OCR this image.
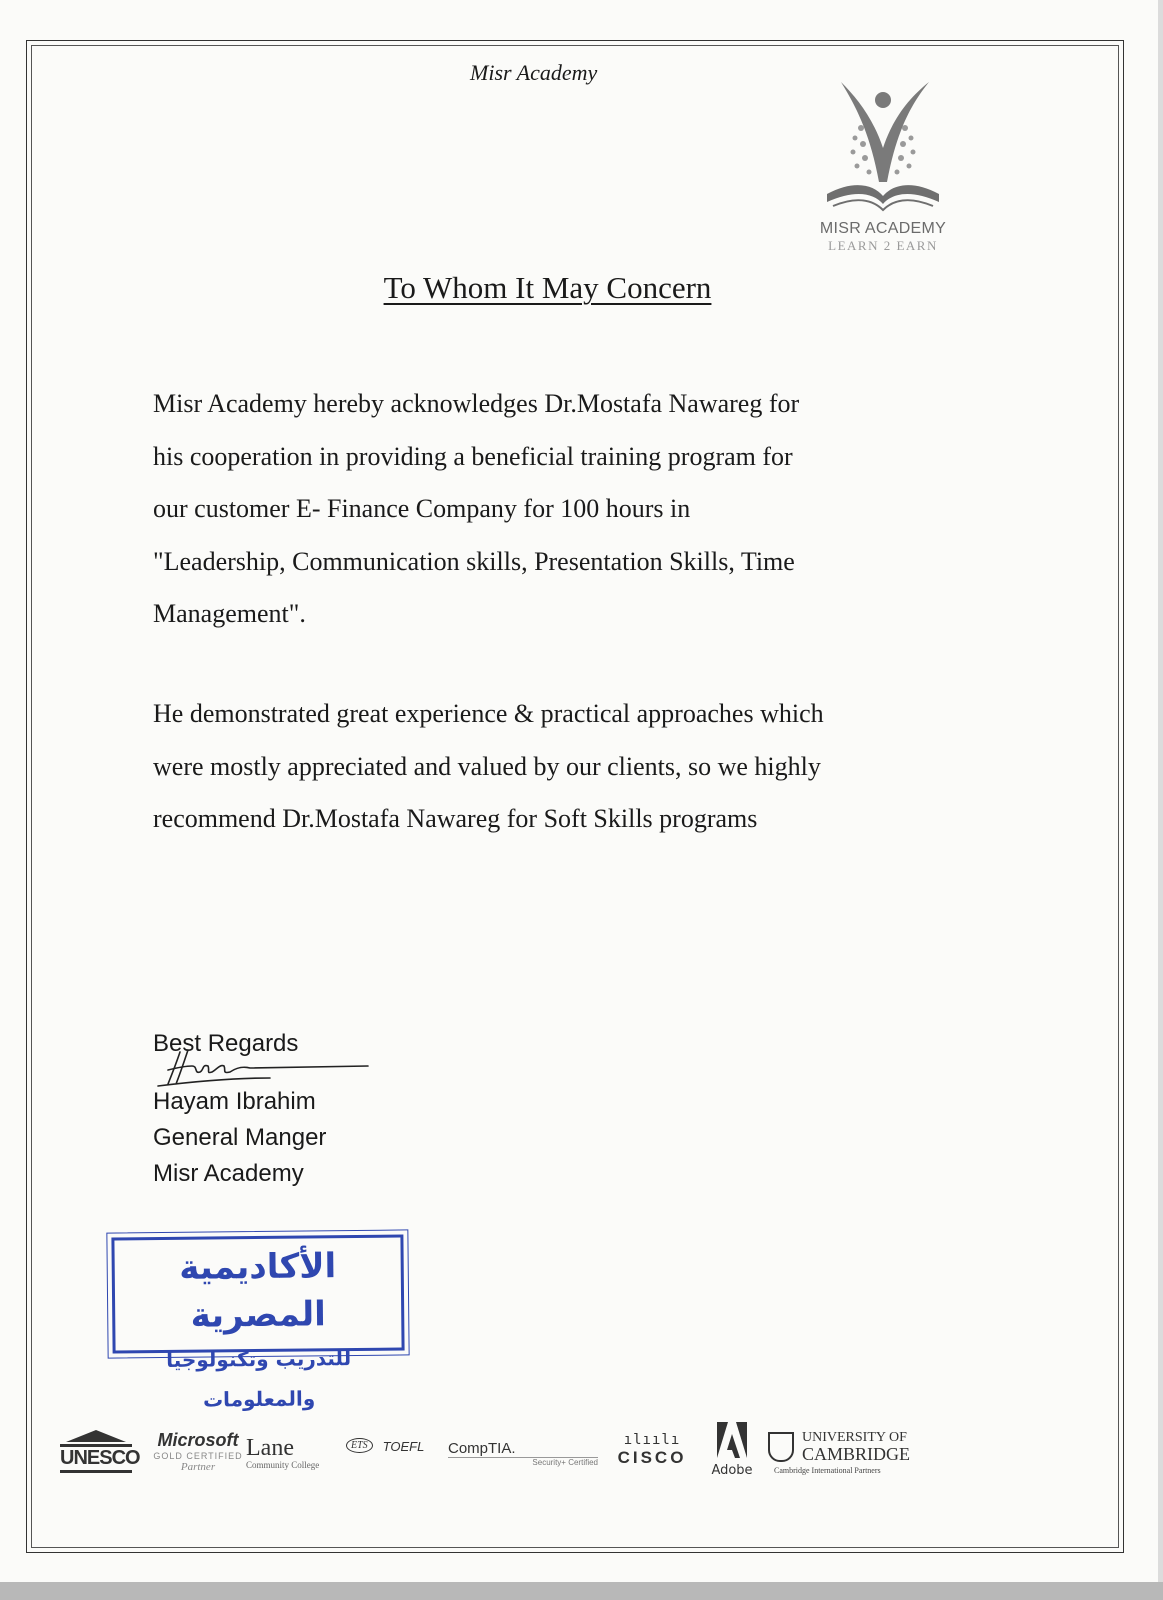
Misr Academy
MISR ACADEMY
LEARN 2 EARN
To Whom It May Concern
Misr Academy hereby acknowledges Dr.Mostafa Nawareg for
his cooperation in providing a beneficial training program for
our customer E- Finance Company for 100 hours in
"Leadership, Communication skills, Presentation Skills, Time
Management".
He demonstrated great experience & practical approaches which
were mostly appreciated and valued by our clients, so we highly
recommend Dr.Mostafa Nawareg for Soft Skills programs
Best Regards
Hayam Ibrahim
General Manger
Misr Academy
الأكاديمية المصرية
للتدريب وتكنولوجيا والمعلومات
UNESCO
Microsoft
GOLD CERTIFIED
Partner
Lane
Community College
ETS TOEFL CompTIA.
Security+ Certified
ılıılı
CISCO
Adobe
UNIVERSITY OF
CAMBRIDGE
Cambridge International Partners
